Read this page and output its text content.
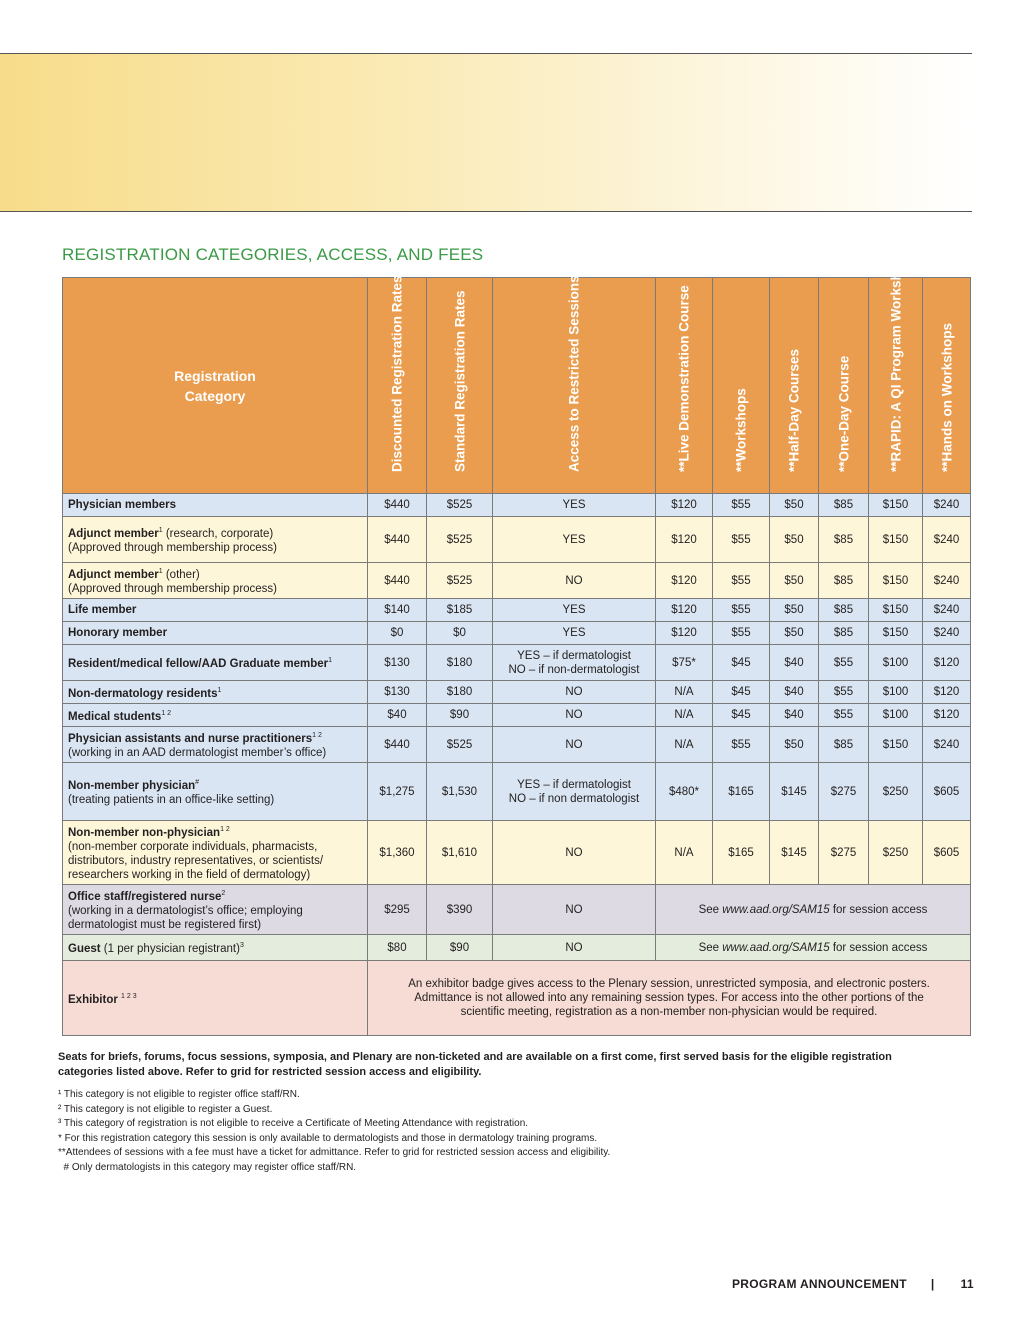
REGISTRATION CATEGORIES, ACCESS, AND FEES
Registration
Category	Discounted Registration Rates	Standard Registration Rates	Access to Restricted Sessions?	**Live Demonstration Course	**Workshops	**Half-Day Courses	**One-Day Course	**RAPID: A QI Program Workshop	**Hands on Workshops

Physician members	$440	$525	YES	$120	$55	$50	$85	$150	$240
Adjunct member$^1$ (research, corporate)
(Approved through membership process)	$440	$525	YES	$120	$55	$50	$85	$150	$240
Adjunct member$^1$ (other)
(Approved through membership process)	$440	$525	NO	$120	$55	$50	$85	$150	$240
Life member	$140	$185	YES	$120	$55	$50	$85	$150	$240
Honorary member	$0	$0	YES	$120	$55	$50	$85	$150	$240
Resident/medical fellow/AAD Graduate member$^1$	$130	$180	YES – if dermatologist
NO – if non-dermatologist	$75*	$45	$40	$55	$100	$120
Non-dermatology residents$^1$	$130	$180	NO	N/A	$45	$40	$55	$100	$120
Medical students$^{1 2}$	$40	$90	NO	N/A	$45	$40	$55	$100	$120
Physician assistants and nurse practitioners$^{1 2}$
(working in an AAD dermatologist member’s office)	$440	$525	NO	N/A	$55	$50	$85	$150	$240
Non-member physician#
(treating patients in an office-like setting)	$1,275	$1,530	YES – if dermatologist
NO – if non dermatologist	$480*	$165	$145	$275	$250	$605
Non-member non-physician$^{1 2}$
(non-member corporate individuals, pharmacists,
distributors, industry representatives, or scientists/
researchers working in the field of dermatology)	$1,360	$1,610	NO	N/A	$165	$145	$275	$250	$605
Office staff/registered nurse$^2$
(working in a dermatologist’s office; employing
dermatologist must be registered first)	$295	$390	NO	See www.aad.org/SAM15 for session access					
Guest (1 per physician registrant)$^3$	$80	$90	NO	See www.aad.org/SAM15 for session access					
Exhibitor $^{1 2 3}$	An exhibitor badge gives access to the Plenary session, unrestricted symposia, and electronic posters.
Admittance is not allowed into any remaining session types. For access into the other portions of the
scientific meeting, registration as a non-member non-physician would be required.								
Seats for briefs, forums, focus sessions, symposia, and Plenary are non-ticketed and are available on a first come, first served basis for the eligible registration categories listed above. Refer to grid for restricted session access and eligibility.
¹ This category is not eligible to register office staff/RN.
² This category is not eligible to register a Guest.
³ This category of registration is not eligible to receive a Certificate of Meeting Attendance with registration.
* For this registration category this session is only available to dermatologists and those in dermatology training programs.
**Attendees of sessions with a fee must have a ticket for admittance. Refer to grid for restricted session access and eligibility.
# Only dermatologists in this category may register office staff/RN.
PROGRAM ANNOUNCEMENT | 11
